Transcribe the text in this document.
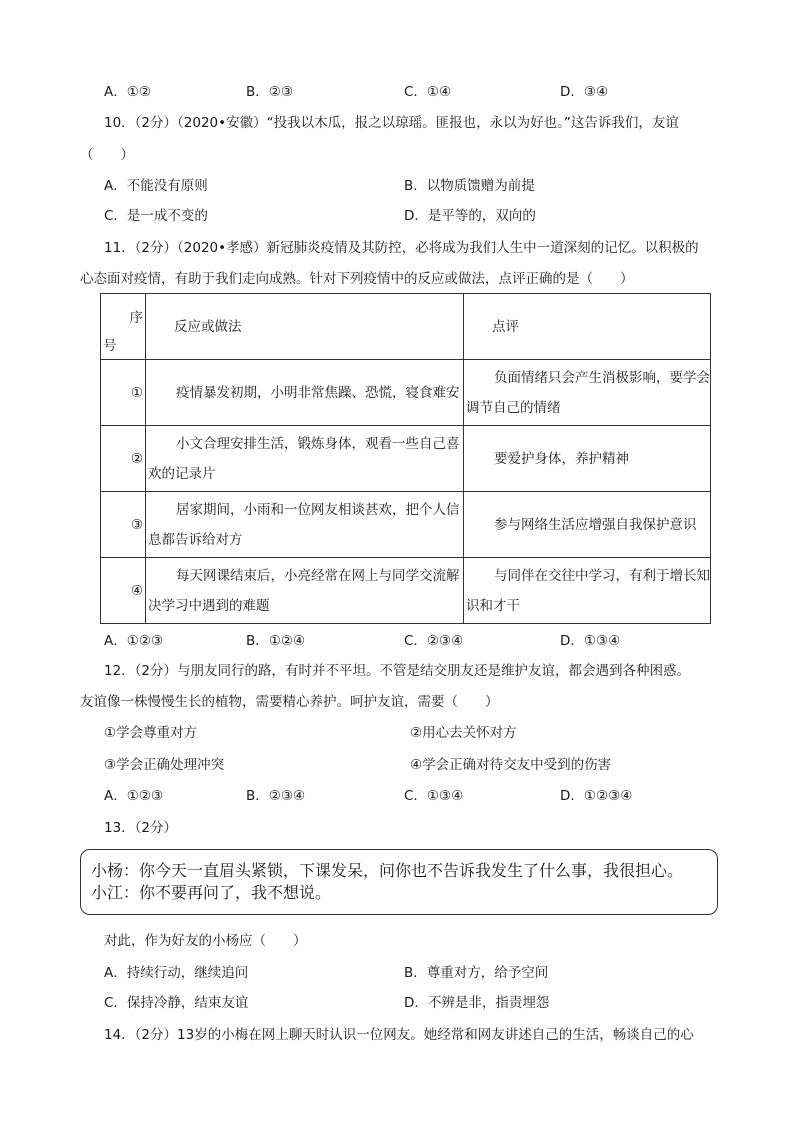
A．①②	B．②③	C．①④	D．③④
10．（2分）（2020•安徽）“投我以木瓜，报之以琼瑶。匪报也，永以为好也。”这告诉我们，友谊
（　　）
A．不能没有原则	B．以物质馈赠为前提
C．是一成不变的	D．是平等的，双向的
11．（2分）（2020•孝感）新冠肺炎疫情及其防控，必将成为我们人生中一道深刻的记忆。以积极的
心态面对疫情，有助于我们走向成熟。针对下列疫情中的反应或做法，点评正确的是（　　）
序
号	反应或做法	点评

①	疫情暴发初期，小明非常焦躁、恐慌，寝食难安	负面情绪只会产生消极影响，要学会调节自己的情绪

②	小文合理安排生活，锻炼身体，观看一些自己喜欢的记录片	要爱护身体，养护精神

③	居家期间，小雨和一位网友相谈甚欢，把个人信息都告诉给对方	参与网络生活应增强自我保护意识

④	每天网课结束后，小亮经常在网上与同学交流解决学习中遇到的难题	与同伴在交往中学习，有利于增长知识和才干
A．①②③	B．①②④	C．②③④	D．①③④
12．（2分）与朋友同行的路，有时并不平坦。不管是结交朋友还是维护友谊，都会遇到各种困惑。
友谊像一株慢慢生长的植物，需要精心养护。呵护友谊，需要（　　）
①学会尊重对方	②用心去关怀对方
③学会正确处理冲突	④学会正确对待交友中受到的伤害
A．①②③	B．②③④	C．①③④	D．①②③④
13．（2分）
小杨：你今天一直眉头紧锁，下课发呆，问你也不告诉我发生了什么事，我很担心。
小江：你不要再问了，我不想说。
对此，作为好友的小杨应（　　）
A．持续行动，继续追问	B．尊重对方，给予空间
C．保持冷静，结束友谊	D．不辨是非，指责埋怨
14．（2分）13岁的小梅在网上聊天时认识一位网友。她经常和网友讲述自己的生活，畅谈自己的心
